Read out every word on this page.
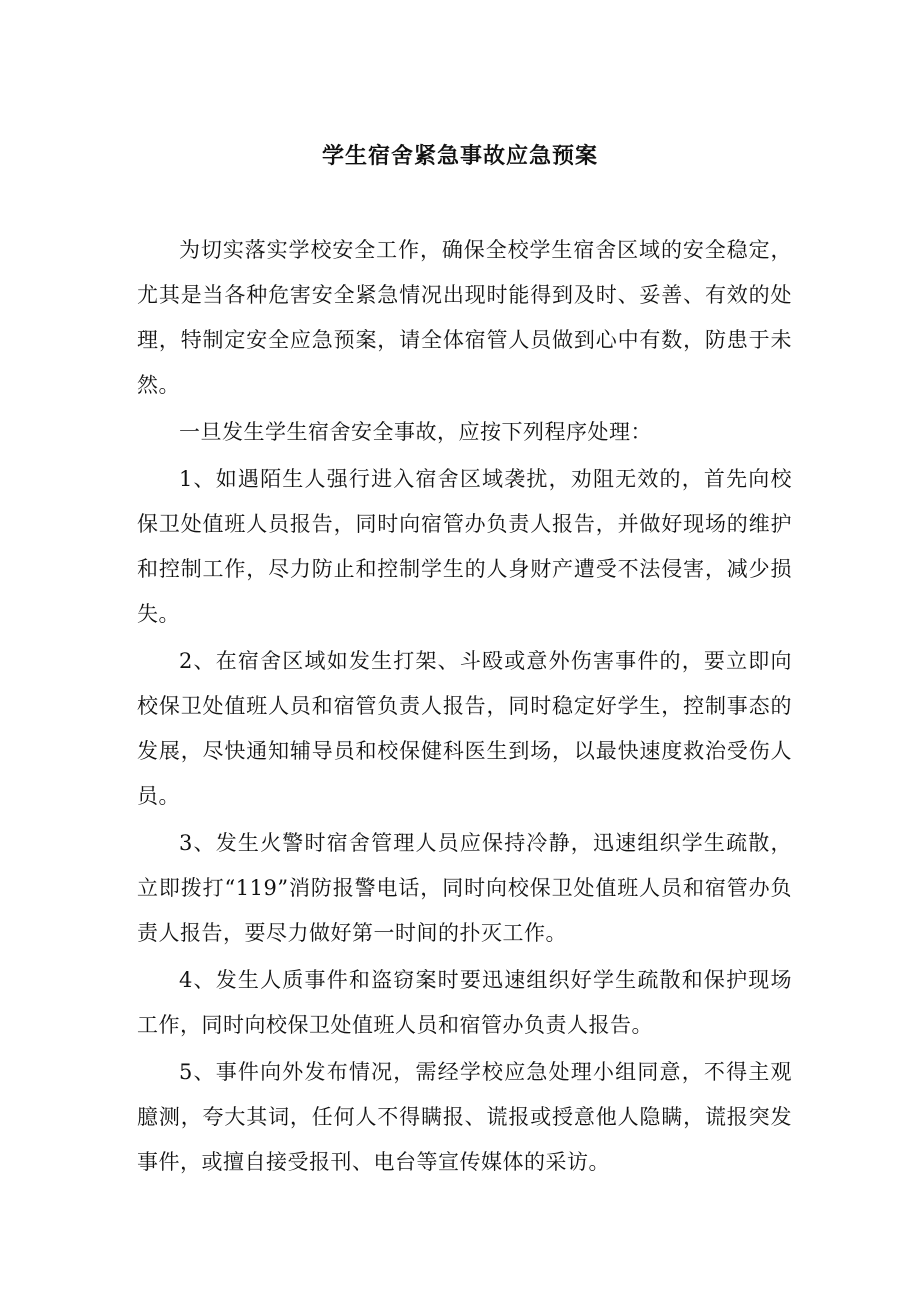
学生宿舍紧急事故应急预案

为切实落实学校安全工作，确保全校学生宿舍区域的安全稳定，尤其是当各种危害安全紧急情况出现时能得到及时、妥善、有效的处理，特制定安全应急预案，请全体宿管人员做到心中有数，防患于未然。

一旦发生学生宿舍安全事故，应按下列程序处理：

1、如遇陌生人强行进入宿舍区域袭扰，劝阻无效的，首先向校保卫处值班人员报告，同时向宿管办负责人报告，并做好现场的维护和控制工作，尽力防止和控制学生的人身财产遭受不法侵害，减少损失。

2、在宿舍区域如发生打架、斗殴或意外伤害事件的，要立即向校保卫处值班人员和宿管负责人报告，同时稳定好学生，控制事态的发展，尽快通知辅导员和校保健科医生到场，以最快速度救治受伤人员。

3、发生火警时宿舍管理人员应保持冷静，迅速组织学生疏散，立即拨打“119”消防报警电话，同时向校保卫处值班人员和宿管办负责人报告，要尽力做好第一时间的扑灭工作。

4、发生人质事件和盗窃案时要迅速组织好学生疏散和保护现场工作，同时向校保卫处值班人员和宿管办负责人报告。

5、事件向外发布情况，需经学校应急处理小组同意，不得主观臆测，夸大其词，任何人不得瞒报、谎报或授意他人隐瞒，谎报突发事件，或擅自接受报刊、电台等宣传媒体的采访。
